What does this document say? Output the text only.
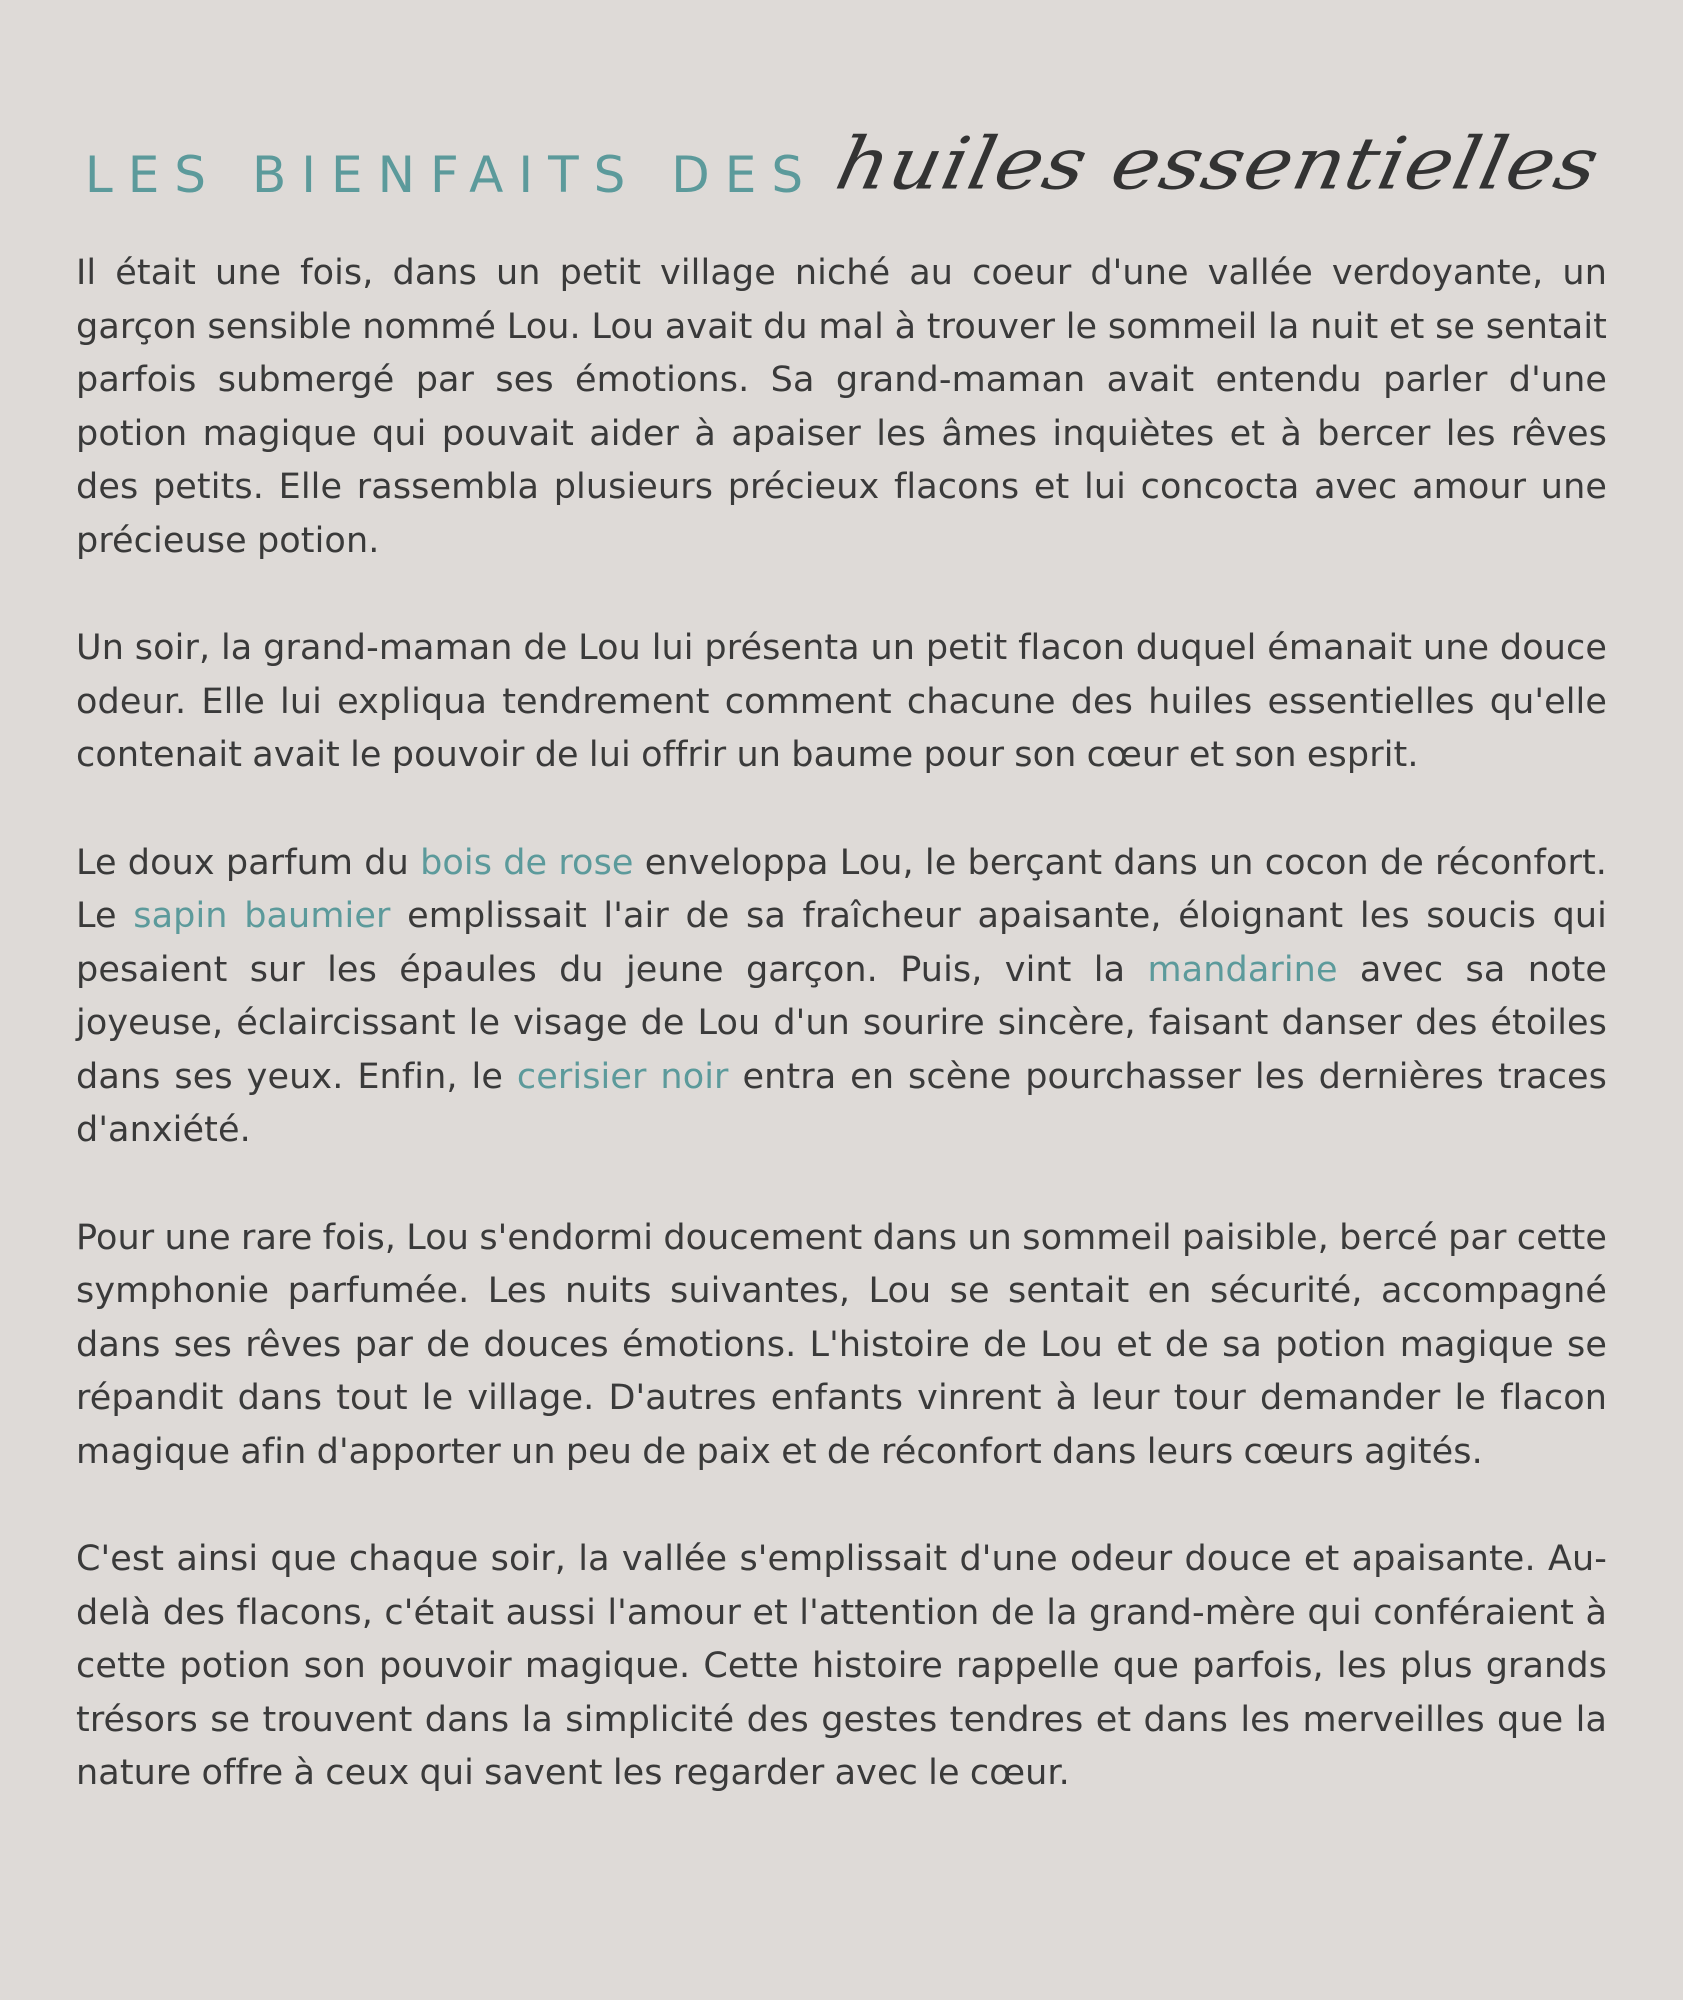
LES BIENFAITS DES huiles essentielles

Il était une fois, dans un petit village niché au coeur d'une vallée verdoyante, un garçon sensible nommé Lou. Lou avait du mal à trouver le sommeil la nuit et se sentait parfois submergé par ses émotions. Sa grand-maman avait entendu parler d'une potion magique qui pouvait aider à apaiser les âmes inquiètes et à bercer les rêves des petits. Elle rassembla plusieurs précieux flacons et lui concocta avec amour une précieuse potion.

Un soir, la grand-maman de Lou lui présenta un petit flacon duquel émanait une douce odeur. Elle lui expliqua tendrement comment chacune des huiles essentielles qu'elle contenait avait le pouvoir de lui offrir un baume pour son cœur et son esprit.

Le doux parfum du bois de rose enveloppa Lou, le berçant dans un cocon de réconfort. Le sapin baumier emplissait l'air de sa fraîcheur apaisante, éloignant les soucis qui pesaient sur les épaules du jeune garçon. Puis, vint la mandarine avec sa note joyeuse, éclaircissant le visage de Lou d'un sourire sincère, faisant danser des étoiles dans ses yeux. Enfin, le cerisier noir entra en scène pourchasser les dernières traces d'anxiété.

Pour une rare fois, Lou s'endormi doucement dans un sommeil paisible, bercé par cette symphonie parfumée. Les nuits suivantes, Lou se sentait en sécurité, accompagné dans ses rêves par de douces émotions. L'histoire de Lou et de sa potion magique se répandit dans tout le village. D'autres enfants vinrent à leur tour demander le flacon magique afin d'apporter un peu de paix et de réconfort dans leurs cœurs agités.

C'est ainsi que chaque soir, la vallée s'emplissait d'une odeur douce et apaisante. Au-delà des flacons, c'était aussi l'amour et l'attention de la grand-mère qui conféraient à cette potion son pouvoir magique. Cette histoire rappelle que parfois, les plus grands trésors se trouvent dans la simplicité des gestes tendres et dans les merveilles que la nature offre à ceux qui savent les regarder avec le cœur.
